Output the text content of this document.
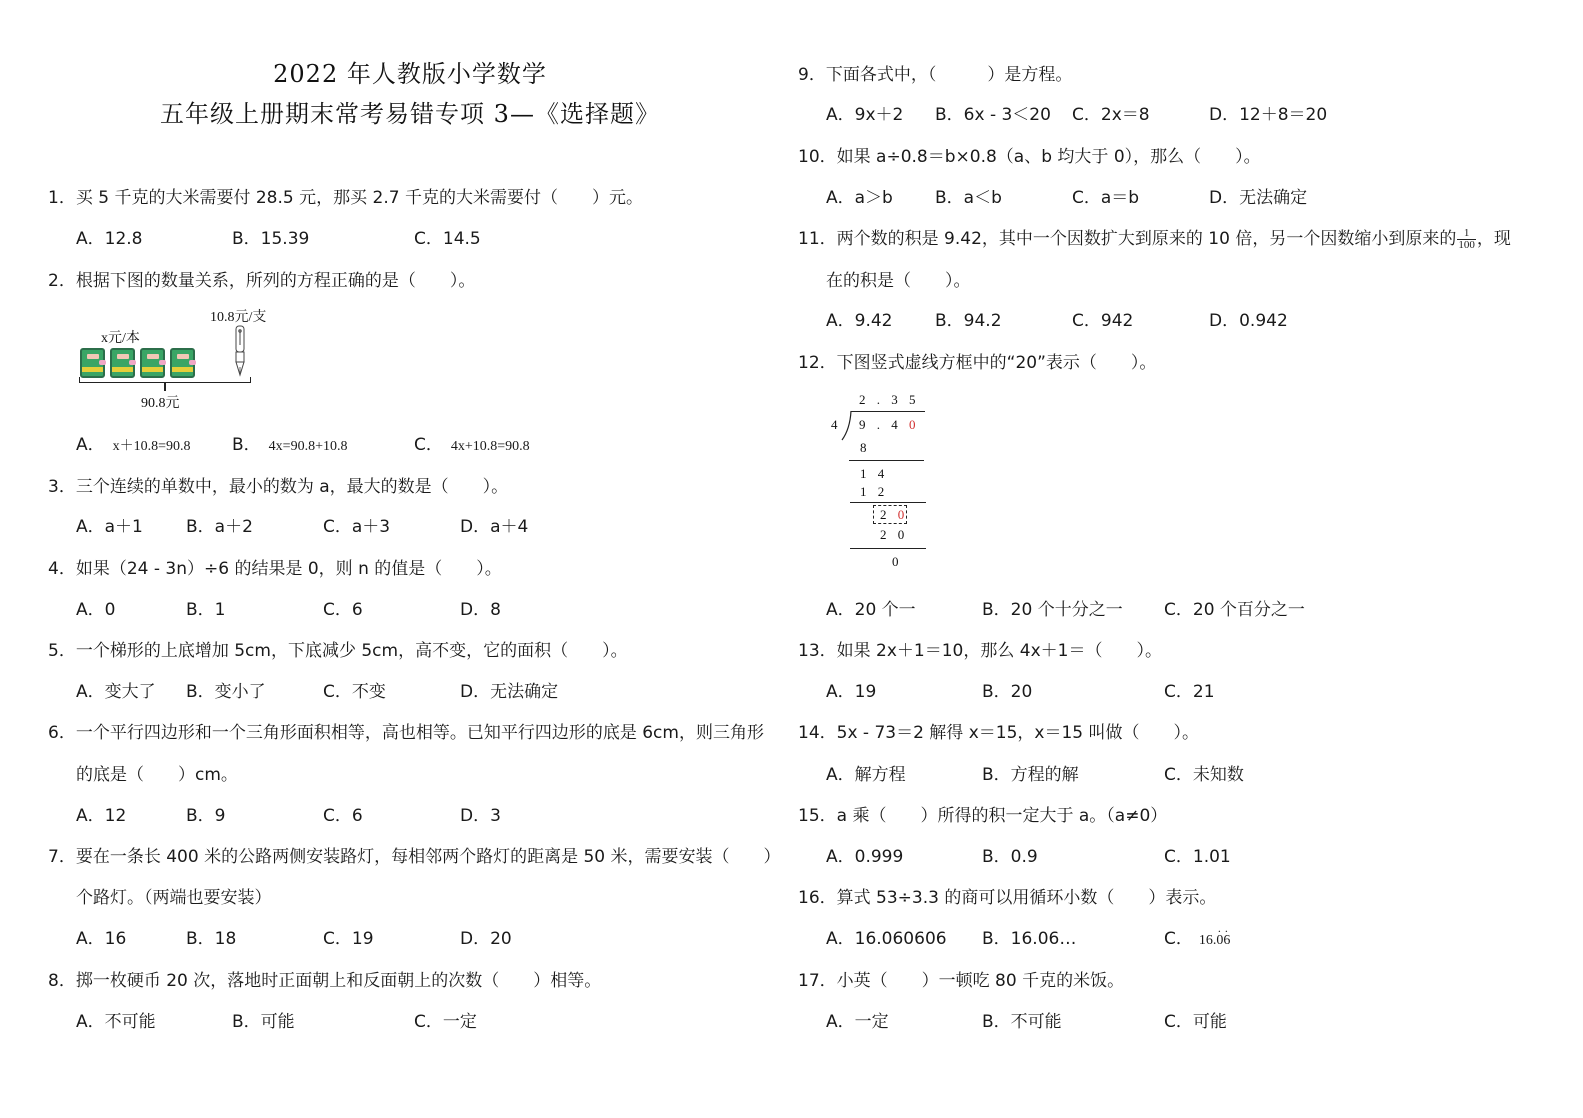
2022 年人教版小学数学
五年级上册期末常考易错专项 3—《选择题》
1．买 5 千克的大米需要付 28.5 元，那买 2.7 千克的大米需要付（　　）元。
A．12.8	B．15.39	C．14.5
2．根据下图的数量关系，所列的方程正确的是（　　）。
10.8元/支
x元/本
90.8元
A． x＋10.8=90.8 B． 4x=90.8+10.8	C． 4x+10.8=90.8
3．三个连续的单数中，最小的数为 a，最大的数是（　　）。
A．a＋1	B．a＋2	C．a＋3	D．a＋4
4．如果（24 - 3n）÷6 的结果是 0，则 n 的值是（　　）。
A．0	B．1	C．6	D．8
5．一个梯形的上底增加 5cm，下底减少 5cm，高不变，它的面积（　　）。
A．变大了 B．变小了	C．不变	D．无法确定
6．一个平行四边形和一个三角形面积相等，高也相等。已知平行四边形的底是 6cm，则三角形
的底是（　　）cm。
A．12	B．9	C．6	D．3
7．要在一条长 400 米的公路两侧安装路灯，每相邻两个路灯的距离是 50 米，需要安装（　　）
个路灯。（两端也要安装）
A．16	B．18	C．19	D．20
8．掷一枚硬币 20 次，落地时正面朝上和反面朝上的次数（　　）相等。
A．不可能	B．可能	C．一定
9．下面各式中，（　　　）是方程。
A．9x＋2 B．6x - 3＜20 C．2x＝8	D．12＋8＝20
10．如果 a÷0.8＝b×0.8（a、b 均大于 0），那么（　　）。
A．a＞b B．a＜b	C．a＝b	D．无法确定
11．两个数的积是 9.42，其中一个因数扩大到原来的 10 倍，另一个因数缩小到原来的 $\frac{1}{100}$ ，现
在的积是（　　）。
A．9.42	B．94.2	C．942	D．0.942
12．下图竖式虚线方框中的“20”表示（　　）。
2 . 3 5
4 9 . 4 0
8
1 4
1 2
2 0
2 0
0
A．20 个一	B．20 个十分之一 C．20 个百分之一
13．如果 2x＋1＝10，那么 4x＋1＝（　　）。
A．19	B．20	C．21
14．5x - 73＝2 解得 x＝15，x＝15 叫做（　　）。
A．解方程	B．方程的解	C．未知数
15．a 乘（　　）所得的积一定大于 a。（a≠0）
A．0.999	B．0.9	C．1.01
16．算式 53÷3.3 的商可以用循环小数（　　）表示。
A．16.060606 B．16.06…	C． 16.· 0· 6
17．小英（　　）一顿吃 80 千克的米饭。
A．一定	B．不可能	C．可能
